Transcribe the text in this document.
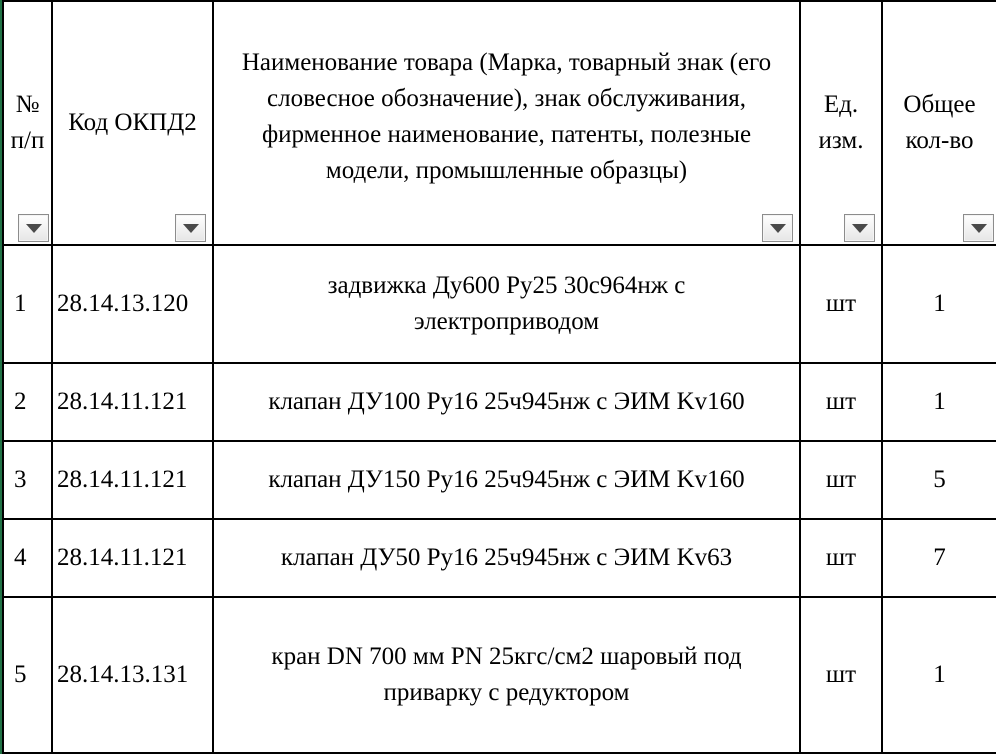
№ п/п	Код ОКПД2	Наименование товара (Марка, товарный знак (его словесное обозначение), знак обслуживания, фирменное наименование, патенты, полезные модели, промышленные образцы)	Ед. изм.	Общее кол-во

1	28.14.13.120	задвижка Ду600 Ру25 30с964нж с электроприводом	шт	1
2	28.14.11.121	клапан ДУ100 Ру16 25ч945нж с ЭИМ Kv160	шт	1
3	28.14.11.121	клапан ДУ150 Ру16 25ч945нж с ЭИМ Kv160	шт	5
4	28.14.11.121	клапан ДУ50 Ру16 25ч945нж с ЭИМ Kv63	шт	7
5	28.14.13.131	кран DN 700 мм PN 25кгс/см2 шаровый под приварку с редуктором	шт	1
